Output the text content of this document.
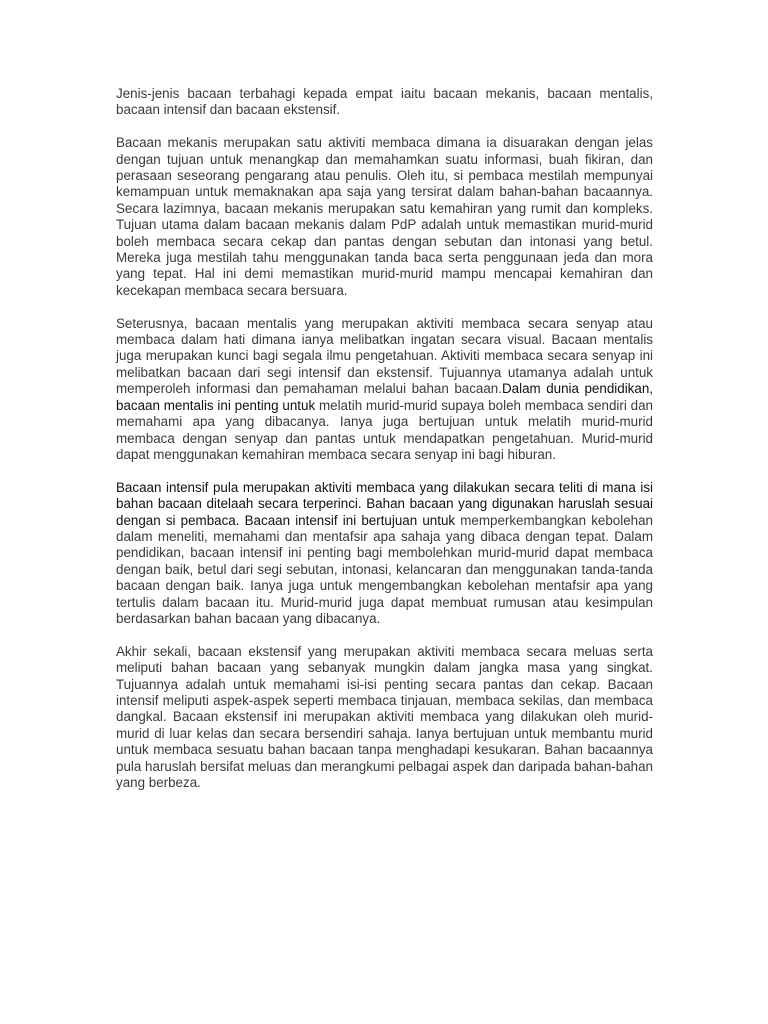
Jenis-jenis bacaan terbahagi kepada empat iaitu bacaan mekanis, bacaan mentalis, bacaan intensif dan bacaan ekstensif.

Bacaan mekanis merupakan satu aktiviti membaca dimana ia disuarakan dengan jelas dengan tujuan untuk menangkap dan memahamkan suatu informasi, buah fikiran, dan perasaan seseorang pengarang atau penulis. Oleh itu, si pembaca mestilah mempunyai kemampuan untuk memaknakan apa saja yang tersirat dalam bahan-bahan bacaannya. Secara lazimnya, bacaan mekanis merupakan satu kemahiran yang rumit dan kompleks. Tujuan utama dalam bacaan mekanis dalam PdP adalah untuk memastikan murid-murid boleh membaca secara cekap dan pantas dengan sebutan dan intonasi yang betul. Mereka juga mestilah tahu menggunakan tanda baca serta penggunaan jeda dan mora yang tepat. Hal ini demi memastikan murid-murid mampu mencapai kemahiran dan kecekapan membaca secara bersuara.

Seterusnya, bacaan mentalis yang merupakan aktiviti membaca secara senyap atau membaca dalam hati dimana ianya melibatkan ingatan secara visual. Bacaan mentalis juga merupakan kunci bagi segala ilmu pengetahuan. Aktiviti membaca secara senyap ini melibatkan bacaan dari segi intensif dan ekstensif. Tujuannya utamanya adalah untuk memperoleh informasi dan pemahaman melalui bahan bacaan.Dalam dunia pendidikan, bacaan mentalis ini penting untuk melatih murid-murid supaya boleh membaca sendiri dan memahami apa yang dibacanya. Ianya juga bertujuan untuk melatih murid-murid membaca dengan senyap dan pantas untuk mendapatkan pengetahuan. Murid-murid dapat menggunakan kemahiran membaca secara senyap ini bagi hiburan.

Bacaan intensif pula merupakan aktiviti membaca yang dilakukan secara teliti di mana isi bahan bacaan ditelaah secara terperinci. Bahan bacaan yang digunakan haruslah sesuai dengan si pembaca. Bacaan intensif ini bertujuan untuk memperkembangkan kebolehan dalam meneliti, memahami dan mentafsir apa sahaja yang dibaca dengan tepat. Dalam pendidikan, bacaan intensif ini penting bagi membolehkan murid-murid dapat membaca dengan baik, betul dari segi sebutan, intonasi, kelancaran dan menggunakan tanda-tanda bacaan dengan baik. Ianya juga untuk mengembangkan kebolehan mentafsir apa yang tertulis dalam bacaan itu. Murid-murid juga dapat membuat rumusan atau kesimpulan berdasarkan bahan bacaan yang dibacanya.

Akhir sekali, bacaan ekstensif yang merupakan aktiviti membaca secara meluas serta meliputi bahan bacaan yang sebanyak mungkin dalam jangka masa yang singkat. Tujuannya adalah untuk memahami isi-isi penting secara pantas dan cekap. Bacaan intensif meliputi aspek-aspek seperti membaca tinjauan, membaca sekilas, dan membaca dangkal. Bacaan ekstensif ini merupakan aktiviti membaca yang dilakukan oleh murid-murid di luar kelas dan secara bersendiri sahaja. Ianya bertujuan untuk membantu murid untuk membaca sesuatu bahan bacaan tanpa menghadapi kesukaran. Bahan bacaannya pula haruslah bersifat meluas dan merangkumi pelbagai aspek dan daripada bahan-bahan yang berbeza.
